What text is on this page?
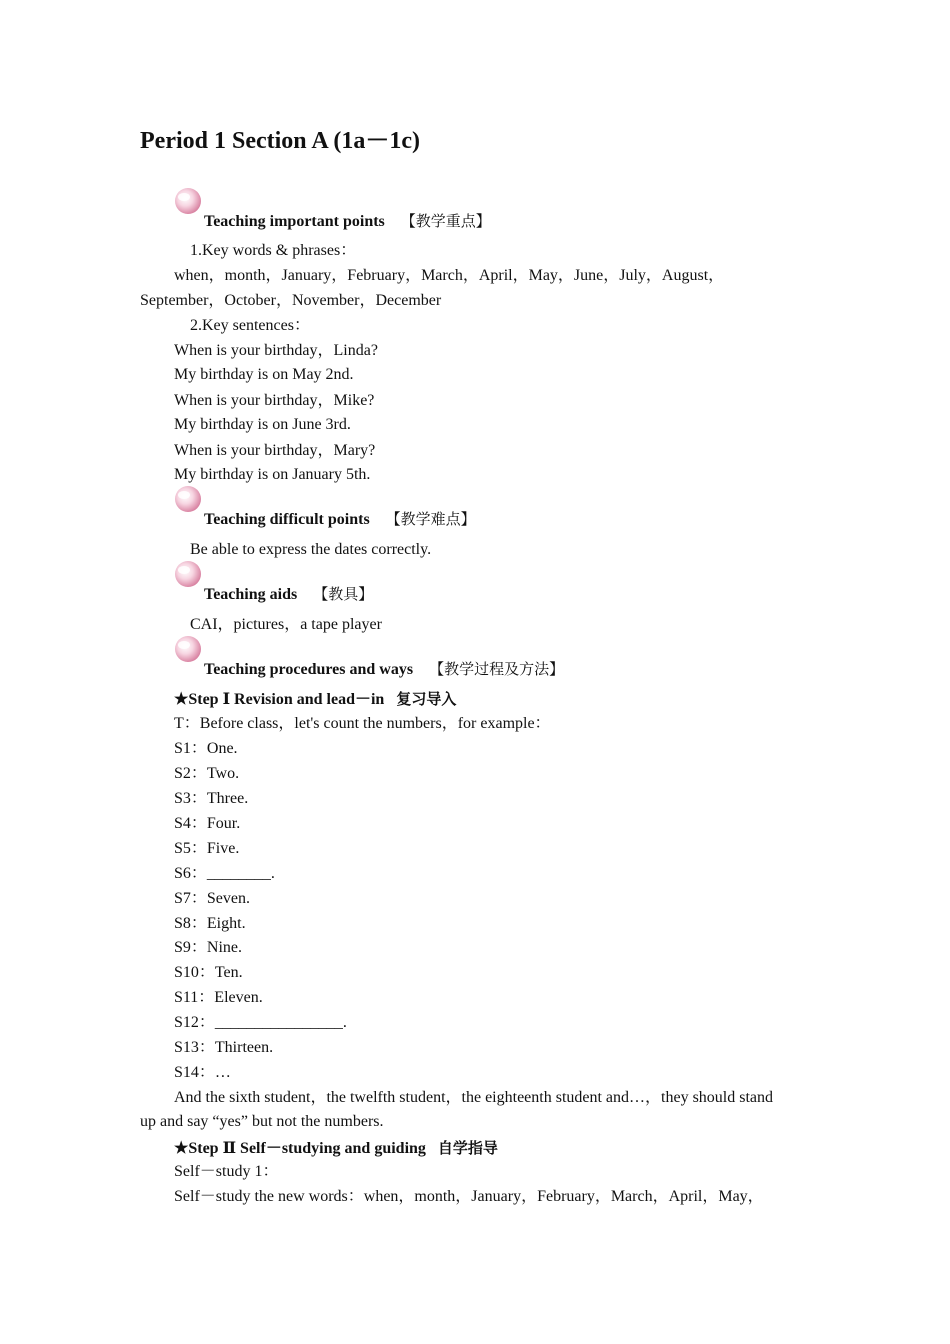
Period 1 Section A (1a－1c)
Teaching important points 【教学重点】
1.Key words & phrases：
when，month，January，February，March，April，May，June，July，August，
September，October，November，December
2.Key sentences：
When is your birthday，Linda?
My birthday is on May 2nd.
When is your birthday，Mike?
My birthday is on June 3rd.
When is your birthday，Mary?
My birthday is on January 5th.
Teaching difficult points 【教学难点】
Be able to express the dates correctly.
Teaching aids 【教具】
CAI，pictures，a tape player
Teaching procedures and ways 【教学过程及方法】
★Step Ⅰ Revision and lead－in 复习导入
T：Before class，let's count the numbers，for example：
S1：One.
S2：Two.
S3：Three.
S4：Four.
S5：Five.
S6：________.
S7：Seven.
S8：Eight.
S9：Nine.
S10：Ten.
S11：Eleven.
S12：________________.
S13：Thirteen.
S14：…
And the sixth student，the twelfth student，the eighteenth student and…，they should stand
up and say “yes” but not the numbers.
★Step Ⅱ Self－studying and guiding 自学指导
Self－study 1：
Self－study the new words：when，month，January，February，March，April，May，
